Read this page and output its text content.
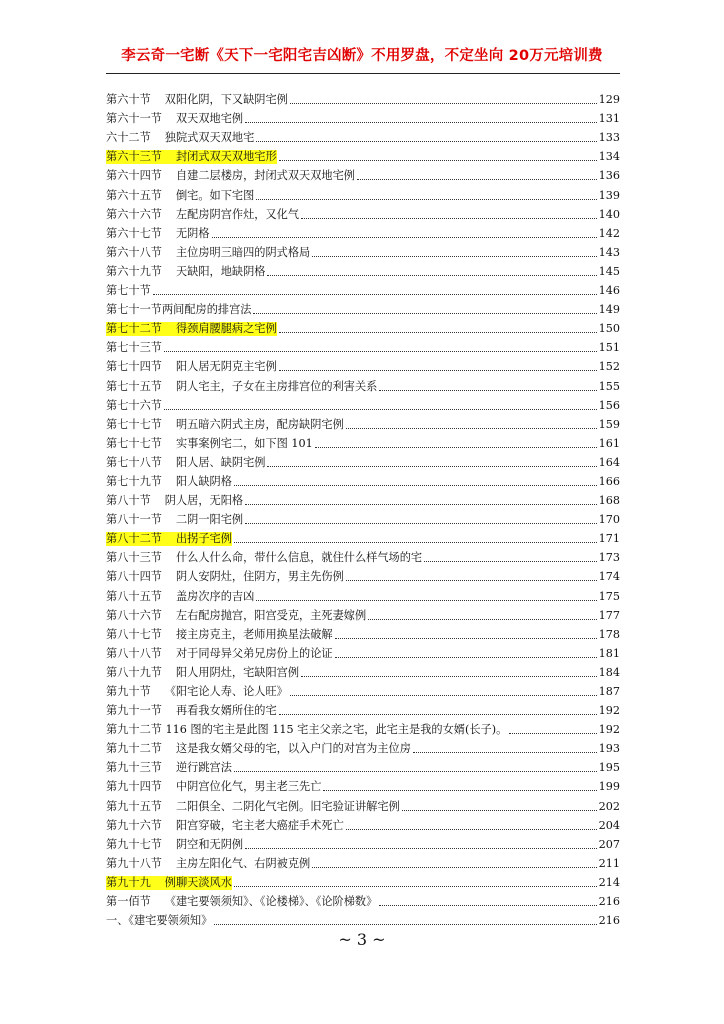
李云奇一宅断《天下一宅阳宅吉凶断》不用罗盘，不定坐向 20万元培训费
第六十节 双阳化阴，下又缺阴宅例	129
第六十一节 双天双地宅例	131
六十二节 独院式双天双地宅	133
第六十三节 封闭式双天双地宅形	134
第六十四节 自建二层楼房，封闭式双天双地宅例	136
第六十五节 倒宅。如下宅图	139
第六十六节 左配房阴宫作灶，又化气	140
第六十七节 无阴格	142
第六十八节 主位房明三暗四的阴式格局	143
第六十九节 天缺阳，地缺阴格	145
第七十节	146
第七十一节两间配房的排宫法	149
第七十二节 得颈肩腰腿病之宅例	150
第七十三节	151
第七十四节 阳人居无阴克主宅例	152
第七十五节 阴人宅主，子女在主房排宫位的利害关系	155
第七十六节	156
第七十七节 明五暗六阴式主房，配房缺阴宅例	159
第七十七节 实事案例宅二，如下图 101	161
第七十八节 阳人居、缺阴宅例	164
第七十九节 阳人缺阴格	166
第八十节 阴人居，无阳格	168
第八十一节 二阴一阳宅例	170
第八十二节 出拐子宅例	171
第八十三节 什么人什么命，带什么信息，就住什么样气场的宅	173
第八十四节 阴人安阴灶，住阴方，男主先伤例	174
第八十五节 盖房次序的吉凶	175
第八十六节 左右配房抛宫，阳宫受克，主死妻嫁例	177
第八十七节 接主房克主，老师用换星法破解	178
第八十八节 对于同母异父弟兄房份上的论证	181
第八十九节 阳人用阴灶，宅缺阳宫例	184
第九十节 《阳宅论人寿、论人旺》	187
第九十一节 再看我女婿所住的宅	192
第九十二节 116 图的宅主是此图 115 宅主父亲之宅，此宅主是我的女婿(长子)。	192
第九十二节 这是我女婿父母的宅，以入户门的对宫为主位房	193
第九十三节 逆行跳宫法	195
第九十四节 中阴宫位化气，男主老三先亡	199
第九十五节 二阳俱全、二阴化气宅例。旧宅验证讲解宅例	202
第九十六节 阳宫穿破，宅主老大癌症手术死亡	204
第九十七节 阴空和无阴例	207
第九十八节 主房左阳化气、右阴被克例	211
第九十九 例聊天淡风水	214
第一佰节 《建宅要领须知》、《论楼梯》、《论阶梯数》	216
一、《建宅要领须知》	216
~ 3 ~
